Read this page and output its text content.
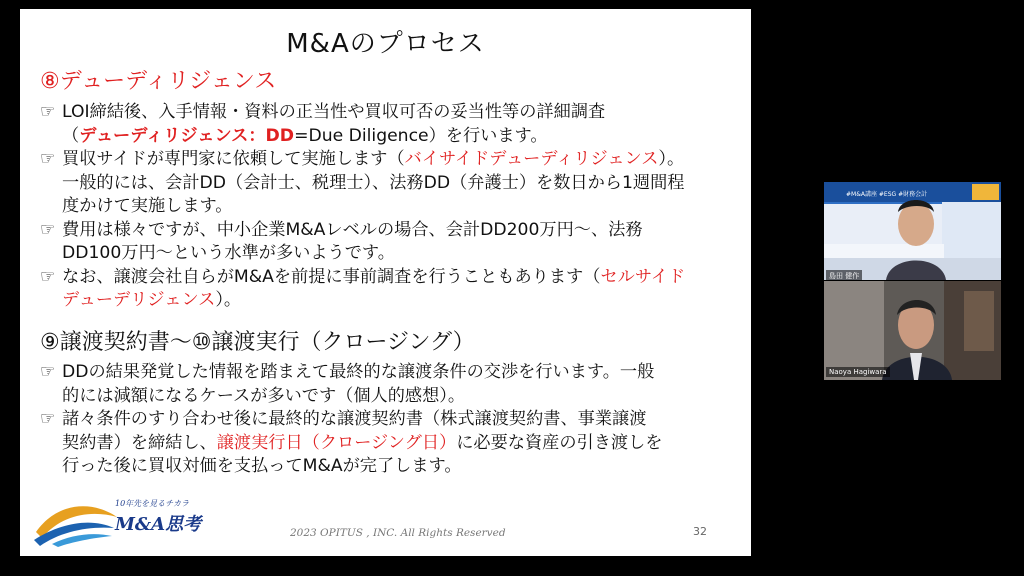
M&Aのプロセス
⑧デューディリジェンス
☞ LOI締結後、入手情報・資料の正当性や買収可否の妥当性等の詳細調査
（デューディリジェンス：DD=Due Diligence）を行います。
☞ 買収サイドが専門家に依頼して実施します（バイサイドデューディリジェンス）。
一般的には、会計DD（会計士、税理士）、法務DD（弁護士）を数日から1週間程
度かけて実施します。
☞ 費用は様々ですが、中小企業M&Aレベルの場合、会計DD200万円～、法務
DD100万円～という水準が多いようです。
☞ なお、譲渡会社自らがM&Aを前提に事前調査を行うこともあります（セルサイド
デューデリジェンス）。
⑨譲渡契約書～⑩譲渡実行（クロージング）
☞ DDの結果発覚した情報を踏まえて最終的な譲渡条件の交渉を行います。一般
的には減額になるケースが多いです（個人的感想）。
☞ 諸々条件のすり合わせ後に最終的な譲渡契約書（株式譲渡契約書、事業譲渡
契約書）を締結し、譲渡実行日（クロージング日）に必要な資産の引き渡しを
行った後に買収対価を支払ってM&Aが完了します。
10年先を見るチカラ
M&A思考	2023 OPITUS , INC. All Rights Reserved	32
#M&A講座 #ESG #財務会計
島田 健作
Naoya Hagiwara
